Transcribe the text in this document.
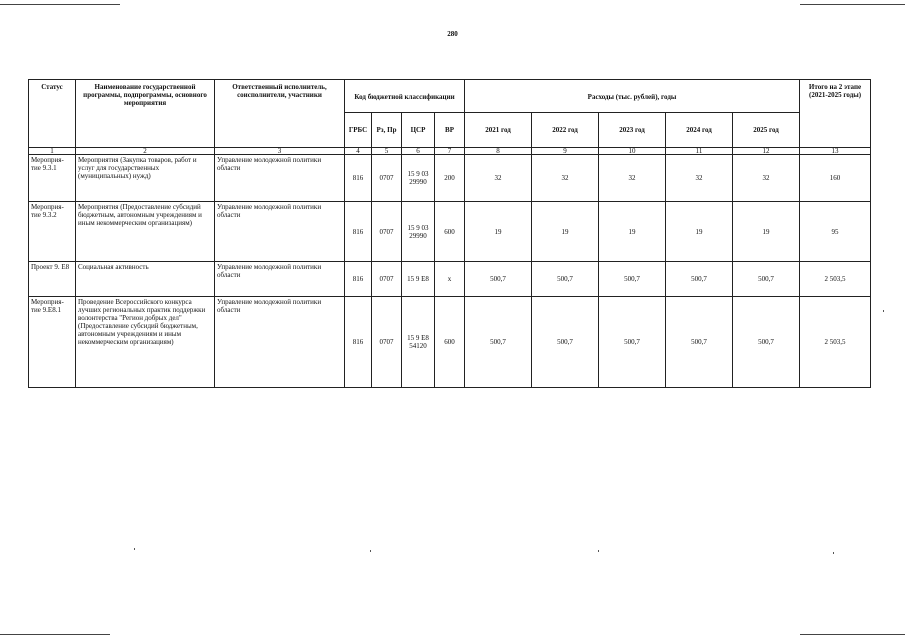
280
Статус	Наименование государственной программы, подпрограммы, основного мероприятия	Ответственный исполнитель, соисполнители, участники	Код бюджетной классификации				Расходы (тыс. рублей), годы					Итого на 2 этапе (2021-2025 годы)
			ГРБС	Рз, Пр	ЦСР	ВР	2021 год	2022 год	2023 год	2024 год	2025 год	
1	2	3	4	5	6	7	8	9	10	11	12	13
Мероприя-тие 9.3.1	Мероприятия (Закупка товаров, работ и услуг для государственных (муниципальных) нужд)	Управление молодежной политики области	816	0707	15 9 03 29990	200	32	32	32	32	32	160
Мероприя-тие 9.3.2	Мероприятия (Предоставление субсидий бюджетным, автономным учреждениям и иным некоммерческим организациям)	Управление молодежной политики области	816	0707	15 9 03 29990	600	19	19	19	19	19	95
Проект 9. Е8	Социальная активность	Управление молодежной политики области	816	0707	15 9 Е8	х	500,7	500,7	500,7	500,7	500,7	2 503,5
Мероприя-тие 9.Е8.1	Проведение Всероссийского конкурса лучших региональных практик поддержки волонтерства "Регион добрых дел" (Предоставление субсидий бюджетным, автономным учреждениям и иным некоммерческим организациям)	Управление молодежной политики области	816	0707	15 9 Е8 54120	600	500,7	500,7	500,7	500,7	500,7	2 503,5
